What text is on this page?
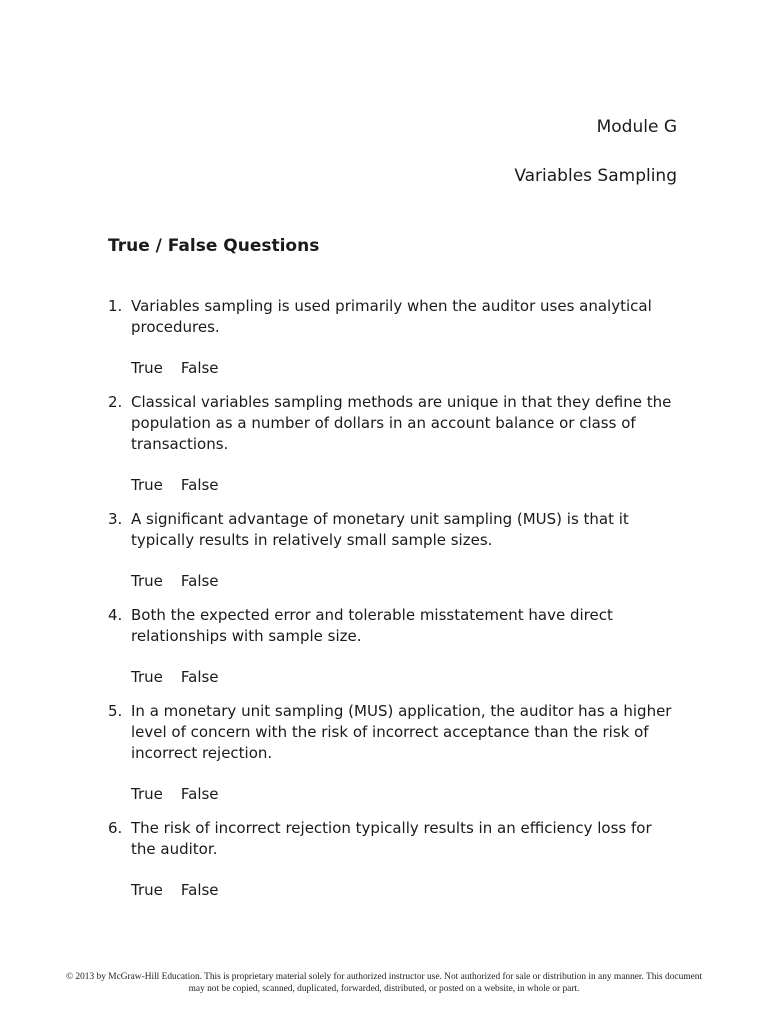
Module G
Variables Sampling
True / False Questions
1. Variables sampling is used primarily when the auditor uses analytical procedures.
True False
2. Classical variables sampling methods are unique in that they define the population as a number of dollars in an account balance or class of transactions.
True False
3. A significant advantage of monetary unit sampling (MUS) is that it typically results in relatively small sample sizes.
True False
4. Both the expected error and tolerable misstatement have direct relationships with sample size.
True False
5. In a monetary unit sampling (MUS) application, the auditor has a higher level of concern with the risk of incorrect acceptance than the risk of incorrect rejection.
True False
6. The risk of incorrect rejection typically results in an efficiency loss for the auditor.
True False

© 2013 by McGraw-Hill Education. This is proprietary material solely for authorized instructor use. Not authorized for sale or distribution in any manner. This document may not be copied, scanned, duplicated, forwarded, distributed, or posted on a website, in whole or part.
